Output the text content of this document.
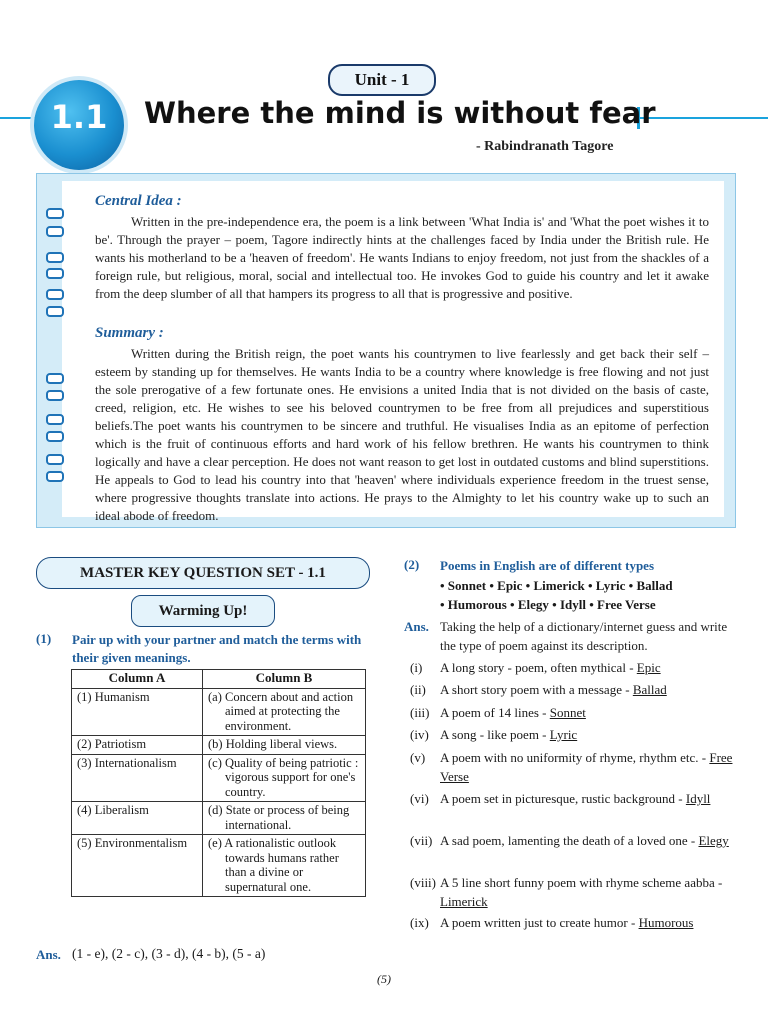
Unit - 1
1.1	Where the mind is without fear
- Rabindranath Tagore
Central Idea :
Written in the pre-independence era, the poem is a link between 'What India is' and 'What the poet wishes it to be'. Through the prayer – poem, Tagore indirectly hints at the challenges faced by India under the British rule. He wants his motherland to be a 'heaven of freedom'. He wants Indians to enjoy freedom, not just from the shackles of a foreign rule, but religious, moral, social and intellectual too. He invokes God to guide his country and let it awake from the deep slumber of all that hampers its progress to all that is progressive and positive.
Summary :
Written during the British reign, the poet wants his countrymen to live fearlessly and get back their self – esteem by standing up for themselves. He wants India to be a country where knowledge is free flowing and not just the sole prerogative of a few fortunate ones. He envisions a united India that is not divided on the basis of caste, creed, religion, etc. He wishes to see his beloved countrymen to be free from all prejudices and superstitious beliefs.The poet wants his countrymen to be sincere and truthful. He visualises India as an epitome of perfection which is the fruit of continuous efforts and hard work of his fellow brethren. He wants his countrymen to think logically and have a clear perception. He does not want reason to get lost in outdated customs and blind superstitions. He appeals to God to lead his country into that 'heaven' where individuals experience freedom in the truest sense, where progressive thoughts translate into actions. He prays to the Almighty to let his country wake up to such an ideal abode of freedom.
MASTER KEY QUESTION SET - 1.1
Warming Up!
(1) Pair up with your partner and match the terms with their given meanings.
Column A	Column B
(1) Humanism	(a) Concern about and action aimed at protecting the environment.

(2) Patriotism	(b) Holding liberal views.

(3) Internationalism	(c) Quality of being patriotic : vigorous support for one's country.

(4) Liberalism	(d) State or process of being international.

(5) Environmentalism	(e) A rationalistic outlook towards humans rather than a divine or supernatural one.
Ans. (1 - e), (2 - c), (3 - d), (4 - b), (5 - a)
(2) Poems in English are of different types
• Sonnet • Epic • Limerick • Lyric • Ballad
• Humorous • Elegy • Idyll • Free Verse
Ans. Taking the help of a dictionary/internet guess and write the type of poem against its description.
(i) A long story - poem, often mythical - Epic
(ii) A short story poem with a message - Ballad
(iii) A poem of 14 lines - Sonnet
(iv) A song - like poem - Lyric
(v) A poem with no uniformity of rhyme, rhythm etc. - Free Verse
(vi) A poem set in picturesque, rustic background - Idyll
(vii) A sad poem, lamenting the death of a loved one - Elegy
(viii) A 5 line short funny poem with rhyme scheme aabba - Limerick
(ix) A poem written just to create humor - Humorous
(5)
